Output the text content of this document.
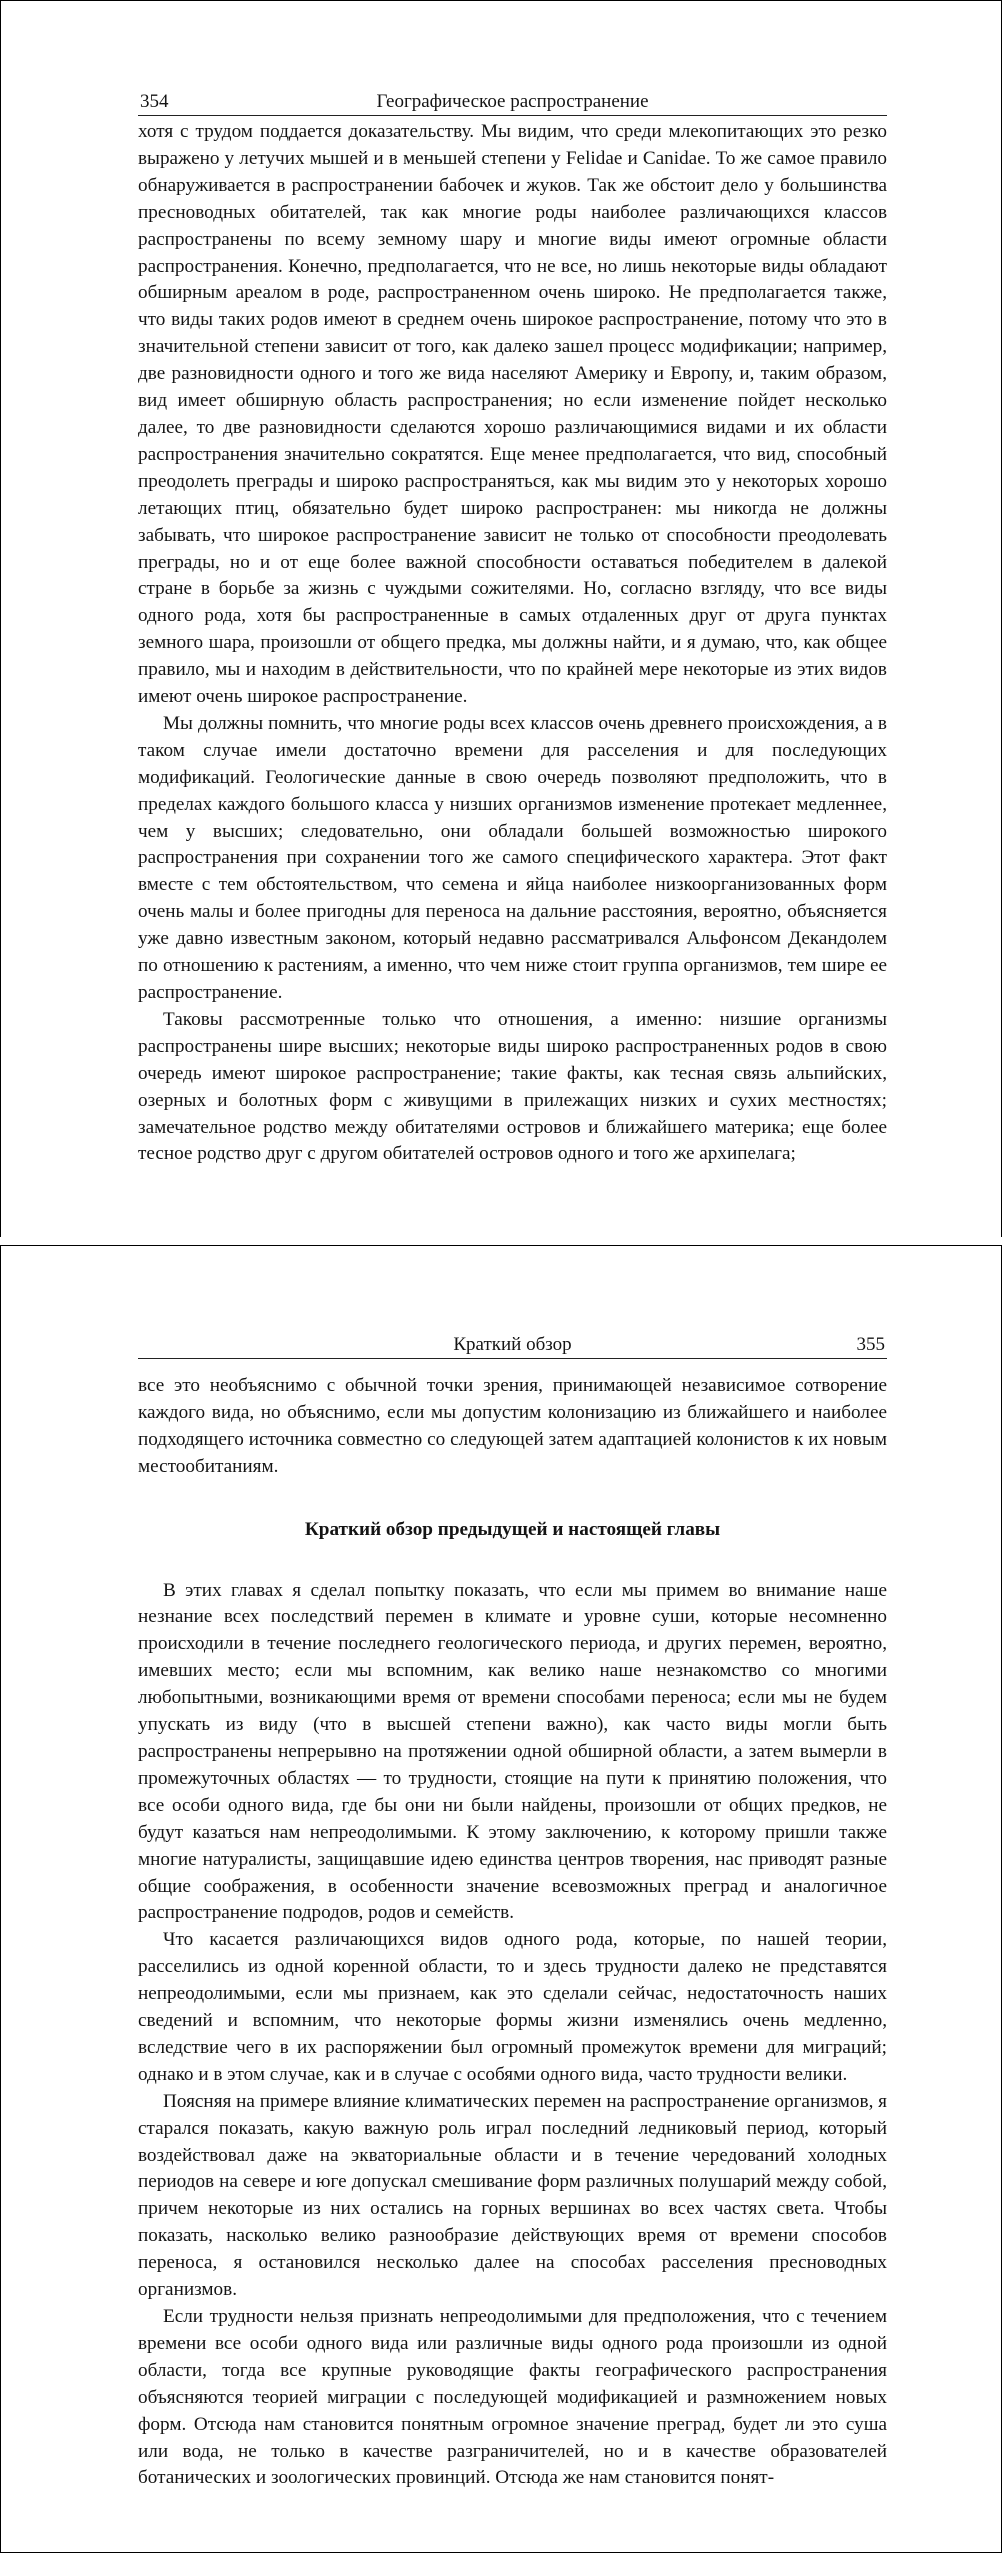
354	Географическое распространение

хотя с трудом поддается доказательству. Мы видим, что среди млекопитающих это резко выражено у летучих мышей и в меньшей степени у Felidae и Canidae. То же самое правило обнаруживается в распространении бабочек и жуков. Так же обстоит дело у большинства пресноводных обитателей, так как многие роды наиболее различающихся классов распространены по всему земному шару и многие виды имеют огромные области распространения. Конечно, предполагается, что не все, но лишь некоторые виды обладают обширным ареалом в роде, распространенном очень широко. Не предполагается также, что виды таких родов имеют в среднем очень широкое распространение, потому что это в значительной степени зависит от того, как далеко зашел процесс модификации; например, две разновидности одного и того же вида населяют Америку и Европу, и, таким образом, вид имеет обширную область распространения; но если изменение пойдет несколько далее, то две разновидности сделаются хорошо различающимися видами и их области распространения значительно сократятся. Еще менее предполагается, что вид, способный преодолеть преграды и широко распространяться, как мы видим это у некоторых хорошо летающих птиц, обязательно будет широко распространен: мы никогда не должны забывать, что широкое распространение зависит не только от способности преодолевать преграды, но и от еще более важной способности оставаться победителем в далекой стране в борьбе за жизнь с чуждыми сожителями. Но, согласно взгляду, что все виды одного рода, хотя бы распространенные в самых отдаленных друг от друга пунктах земного шара, произошли от общего предка, мы должны найти, и я думаю, что, как общее правило, мы и находим в действительности, что по крайней мере некоторые из этих видов имеют очень широкое распространение.

Мы должны помнить, что многие роды всех классов очень древнего происхождения, а в таком случае имели достаточно времени для расселения и для последующих модификаций. Геологические данные в свою очередь позволяют предположить, что в пределах каждого большого класса у низших организмов изменение протекает медленнее, чем у высших; следовательно, они обладали большей возможностью широкого распространения при сохранении того же самого специфического характера. Этот факт вместе с тем обстоятельством, что семена и яйца наиболее низкоорганизованных форм очень малы и более пригодны для переноса на дальние расстояния, вероятно, объясняется уже давно известным законом, который недавно рассматривался Альфонсом Декандолем по отношению к растениям, а именно, что чем ниже стоит группа организмов, тем шире ее распространение.

Таковы рассмотренные только что отношения, а именно: низшие организмы распространены шире высших; некоторые виды широко распространенных родов в свою очередь имеют широкое распространение; такие факты, как тесная связь альпийских, озерных и болотных форм с живущими в прилежащих низких и сухих местностях; замечательное родство между обитателями островов и ближайшего материка; еще более тесное родство друг с другом обитателей островов одного и того же архипелага;

Краткий обзор	355

все это необъяснимо с обычной точки зрения, принимающей независимое сотворение каждого вида, но объяснимо, если мы допустим колонизацию из ближайшего и наиболее подходящего источника совместно со следующей затем адаптацией колонистов к их новым местообитаниям.

Краткий обзор предыдущей и настоящей главы

В этих главах я сделал попытку показать, что если мы примем во внимание наше незнание всех последствий перемен в климате и уровне суши, которые несомненно происходили в течение последнего геологического периода, и других перемен, вероятно, имевших место; если мы вспомним, как велико наше незнакомство со многими любопытными, возникающими время от времени способами переноса; если мы не будем упускать из виду (что в высшей степени важно), как часто виды могли быть распространены непрерывно на протяжении одной обширной области, а затем вымерли в промежуточных областях — то трудности, стоящие на пути к принятию положения, что все особи одного вида, где бы они ни были найдены, произошли от общих предков, не будут казаться нам непреодолимыми. К этому заключению, к которому пришли также многие натуралисты, защищавшие идею единства центров творения, нас приводят разные общие соображения, в особенности значение всевозможных преград и аналогичное распространение подродов, родов и семейств.

Что касается различающихся видов одного рода, которые, по нашей теории, расселились из одной коренной области, то и здесь трудности далеко не представятся непреодолимыми, если мы признаем, как это сделали сейчас, недостаточность наших сведений и вспомним, что некоторые формы жизни изменялись очень медленно, вследствие чего в их распоряжении был огромный промежуток времени для миграций; однако и в этом случае, как и в случае с особями одного вида, часто трудности велики.

Поясняя на примере влияние климатических перемен на распространение организмов, я старался показать, какую важную роль играл последний ледниковый период, который воздействовал даже на экваториальные области и в течение чередований холодных периодов на севере и юге допускал смешивание форм различных полушарий между собой, причем некоторые из них остались на горных вершинах во всех частях света. Чтобы показать, насколько велико разнообразие действующих время от времени способов переноса, я остановился несколько далее на способах расселения пресноводных организмов.

Если трудности нельзя признать непреодолимыми для предположения, что с течением времени все особи одного вида или различные виды одного рода произошли из одной области, тогда все крупные руководящие факты географического распространения объясняются теорией миграции с последующей модификацией и размножением новых форм. Отсюда нам становится понятным огромное значение преград, будет ли это суша или вода, не только в качестве разграничителей, но и в качестве образователей ботанических и зоологических провинций. Отсюда же нам становится понят-
